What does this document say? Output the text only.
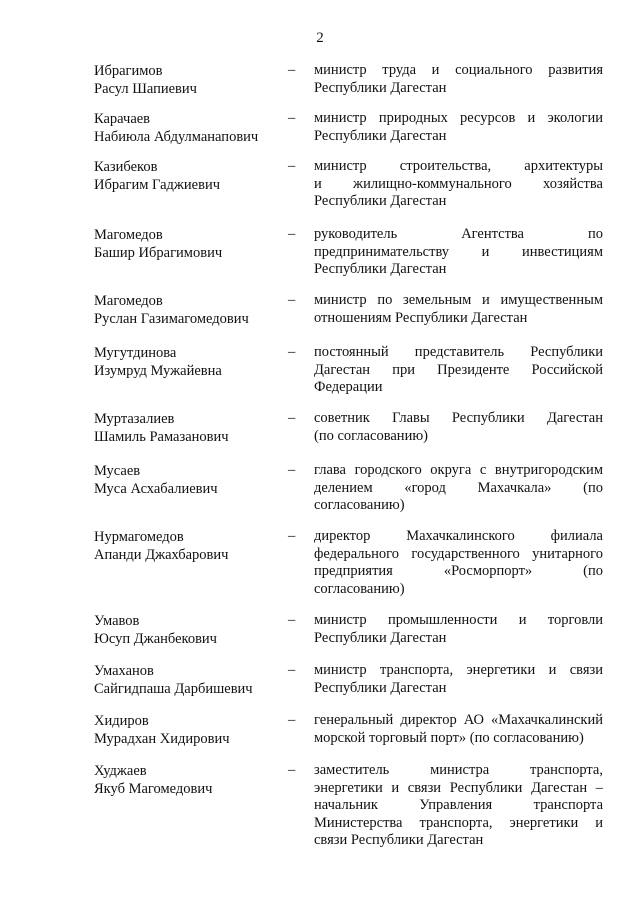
2
Ибрагимов
Расул Шапиевич
– министр труда и социального развития
Республики Дагестан
Карачаев
Набиюла Абдулманапович
– министр природных ресурсов и экологии
Республики Дагестан
Казибеков
Ибрагим Гаджиевич
– министр строительства, архитектуры
и жилищно-коммунального хозяйства
Республики Дагестан
Магомедов
Башир Ибрагимович
– руководитель Агентства по
предпринимательству и инвестициям
Республики Дагестан
Магомедов
Руслан Газимагомедович
– министр по земельным и имущественным
отношениям Республики Дагестан
Мугутдинова
Изумруд Мужайевна
– постоянный представитель Республики
Дагестан при Президенте Российской
Федерации
Муртазалиев
Шамиль Рамазанович
– советник Главы Республики Дагестан
(по согласованию)
Мусаев
Муса Асхабалиевич
– глава городского округа с внутригородским
делением «город Махачкала» (по
согласованию)
Нурмагомедов
Апанди Джахбарович
– директор Махачкалинского филиала
федерального государственного унитарного
предприятия «Росморпорт» (по
согласованию)
Умавов
Юсуп Джанбекович
– министр промышленности и торговли
Республики Дагестан
Умаханов
Сайгидпаша Дарбишевич
– министр транспорта, энергетики и связи
Республики Дагестан
Хидиров
Мурадхан Хидирович
– генеральный директор АО «Махачкалинский
морской торговый порт» (по согласованию)
Худжаев
Якуб Магомедович
– заместитель министра транспорта,
энергетики и связи Республики Дагестан –
начальник Управления транспорта
Министерства транспорта, энергетики и
связи Республики Дагестан
